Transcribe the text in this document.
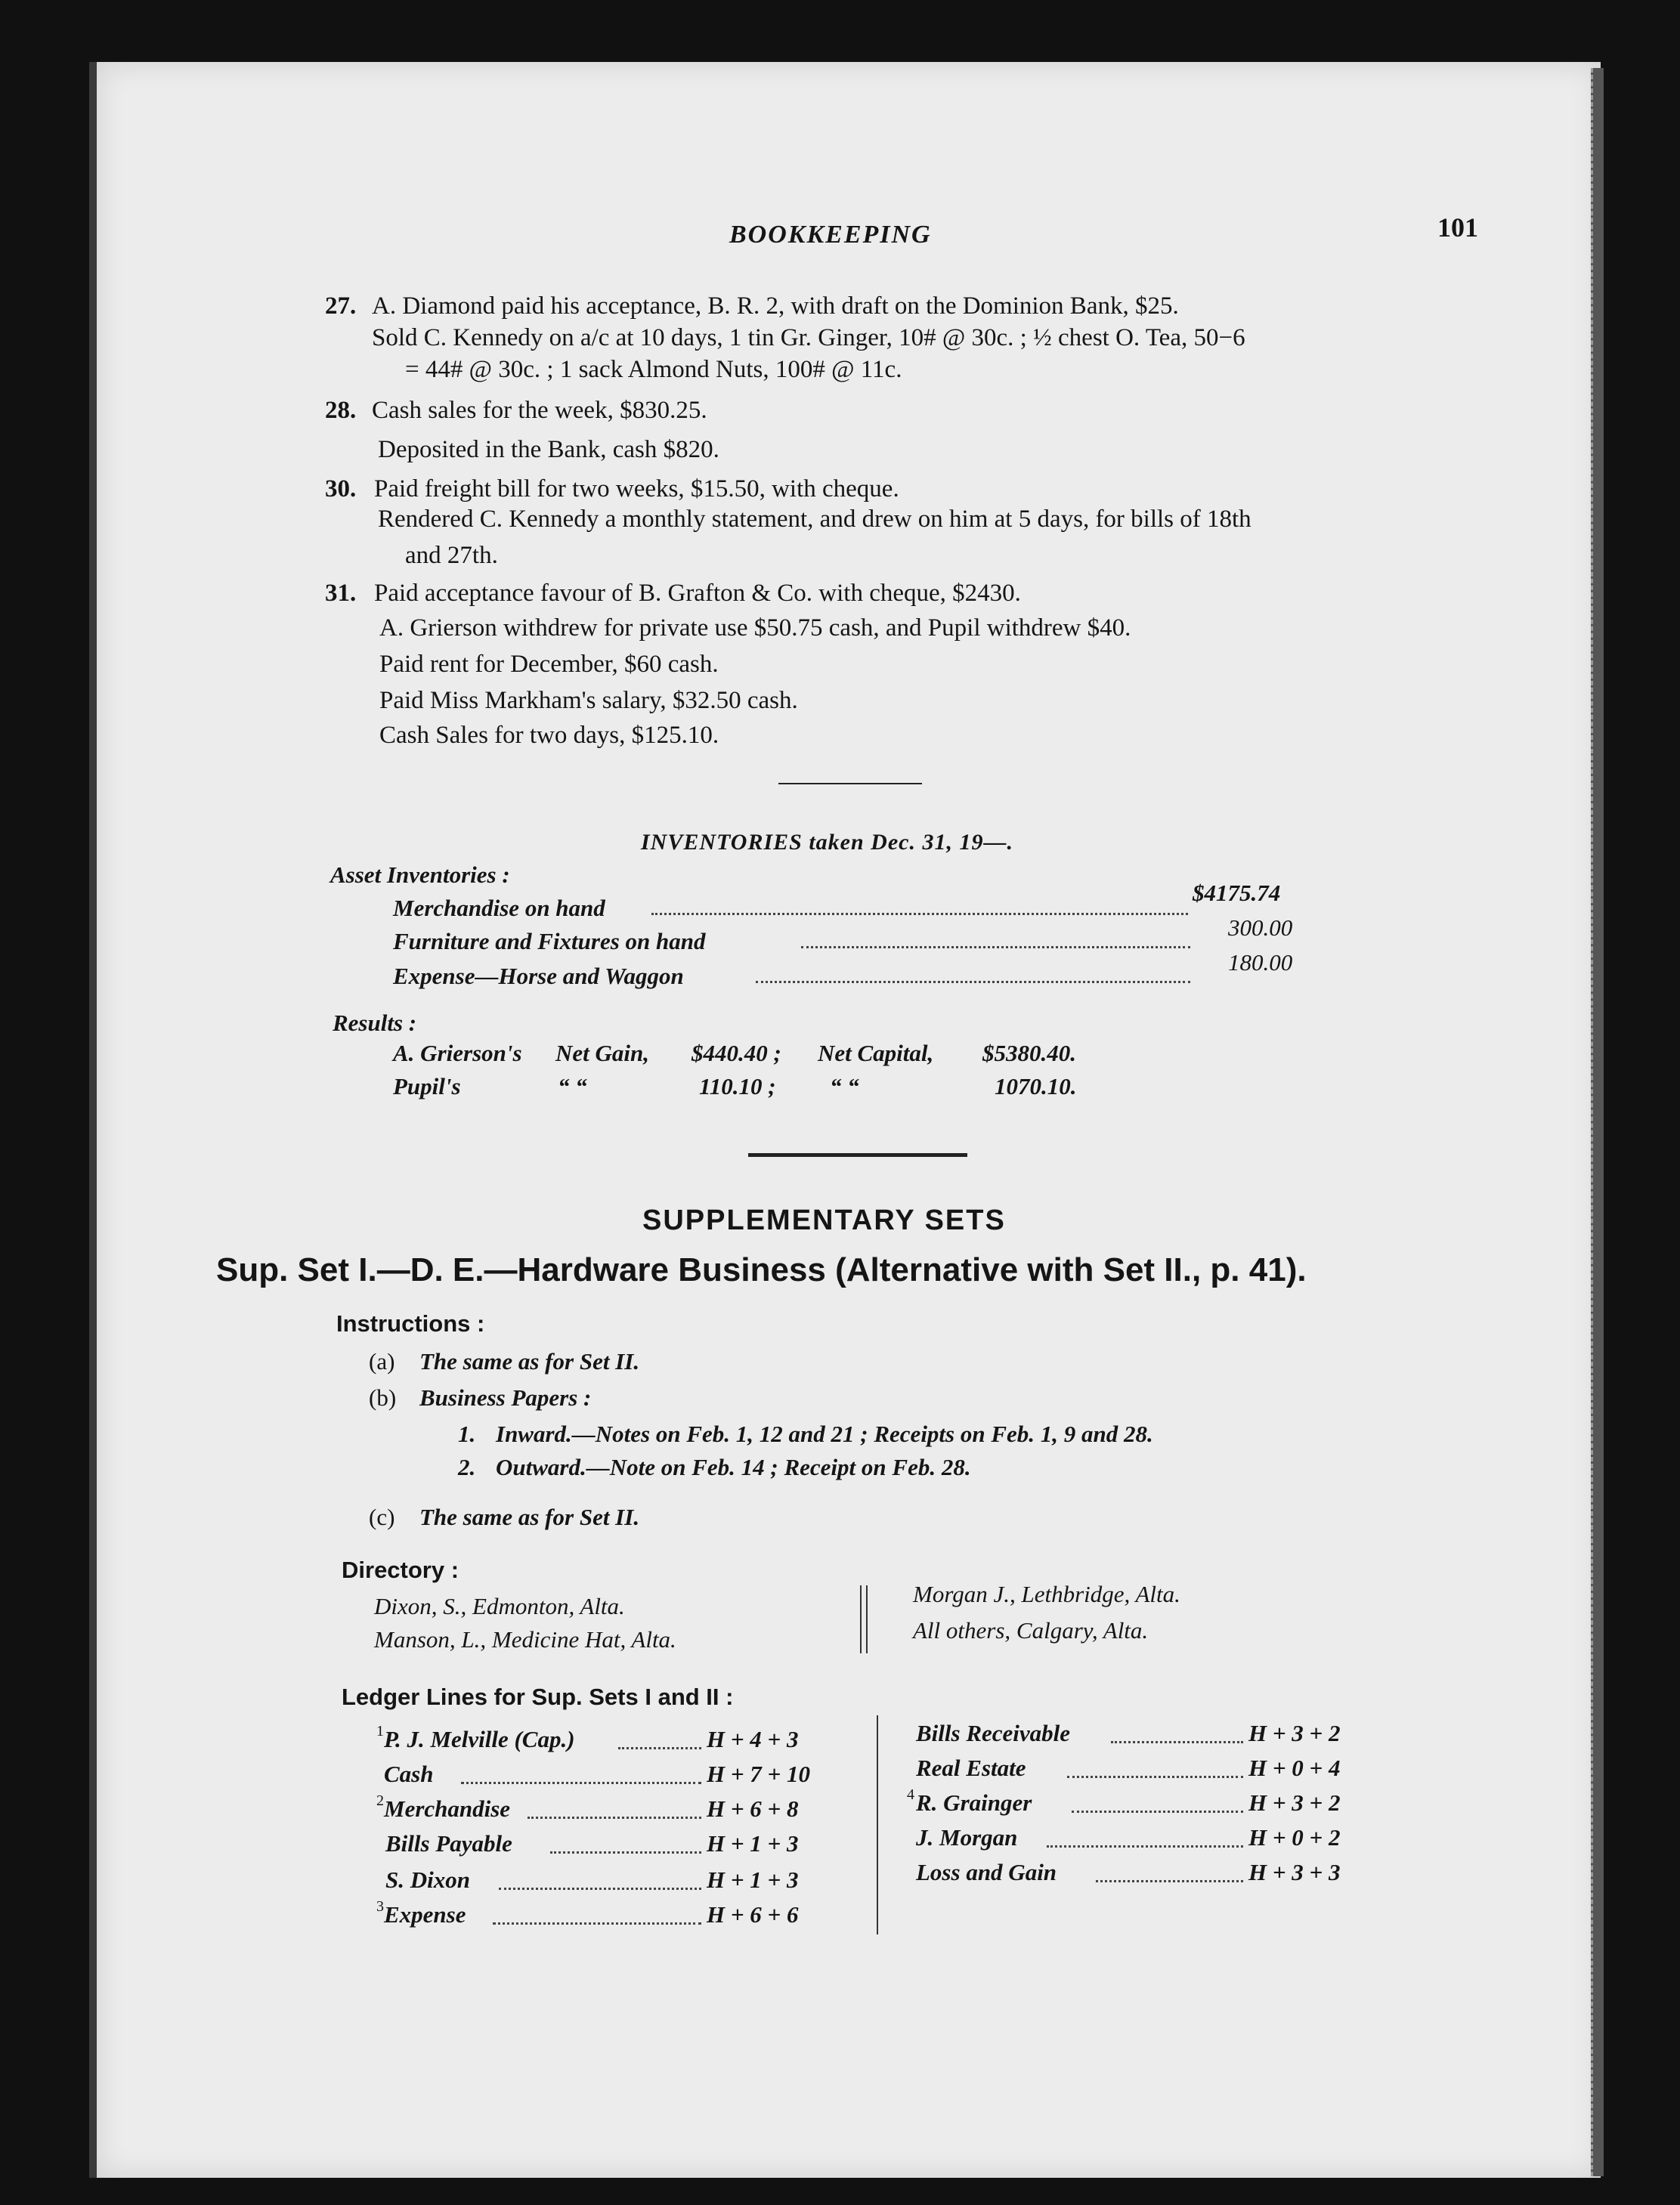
BOOKKEEPING	101
27. A. Diamond paid his acceptance, B. R. 2, with draft on the Dominion Bank, $25.
Sold C. Kennedy on a/c at 10 days, 1 tin Gr. Ginger, 10# @ 30c. ; ½ chest O. Tea, 50−6
= 44# @ 30c. ; 1 sack Almond Nuts, 100# @ 11c.
28. Cash sales for the week, $830.25.
Deposited in the Bank, cash $820.
30. Paid freight bill for two weeks, $15.50, with cheque.
Rendered C. Kennedy a monthly statement, and drew on him at 5 days, for bills of 18th
and 27th.
31. Paid acceptance favour of B. Grafton & Co. with cheque, $2430.
A. Grierson withdrew for private use $50.75 cash, and Pupil withdrew $40.
Paid rent for December, $60 cash.
Paid Miss Markham's salary, $32.50 cash.
Cash Sales for two days, $125.10.
INVENTORIES taken Dec. 31, 19—.
Asset Inventories :
Merchandise on hand
$4175.74
Furniture and Fixtures on hand
300.00
Expense—Horse and Waggon
180.00
Results :
A. Grierson's Net Gain, $440.40 ; Net Capital, $5380.40.
Pupil's	“ “	110.10 ; “ “	1070.10.
SUPPLEMENTARY SETS
Sup. Set I.—D. E.—Hardware Business (Alternative with Set II., p. 41).
Instructions :
(a) The same as for Set II.
(b) Business Papers :
1. Inward.—Notes on Feb. 1, 12 and 21 ; Receipts on Feb. 1, 9 and 28.
2. Outward.—Note on Feb. 14 ; Receipt on Feb. 28.
(c) The same as for Set II.
Directory :
Dixon, S., Edmonton, Alta.
Manson, L., Medicine Hat, Alta.
Morgan J., Lethbridge, Alta.
All others, Calgary, Alta.
Ledger Lines for Sup. Sets I and II :
1 P. J. Melville (Cap.)	H + 4 + 3
Cash	H + 7 + 10
2 Merchandise	H + 6 + 8
Bills Payable	H + 1 + 3
S. Dixon	H + 1 + 3
3 Expense	H + 6 + 6
Bills Receivable	H + 3 + 2
Real Estate	H + 0 + 4
4 R. Grainger	H + 3 + 2
J. Morgan	H + 0 + 2
Loss and Gain	H + 3 + 3
